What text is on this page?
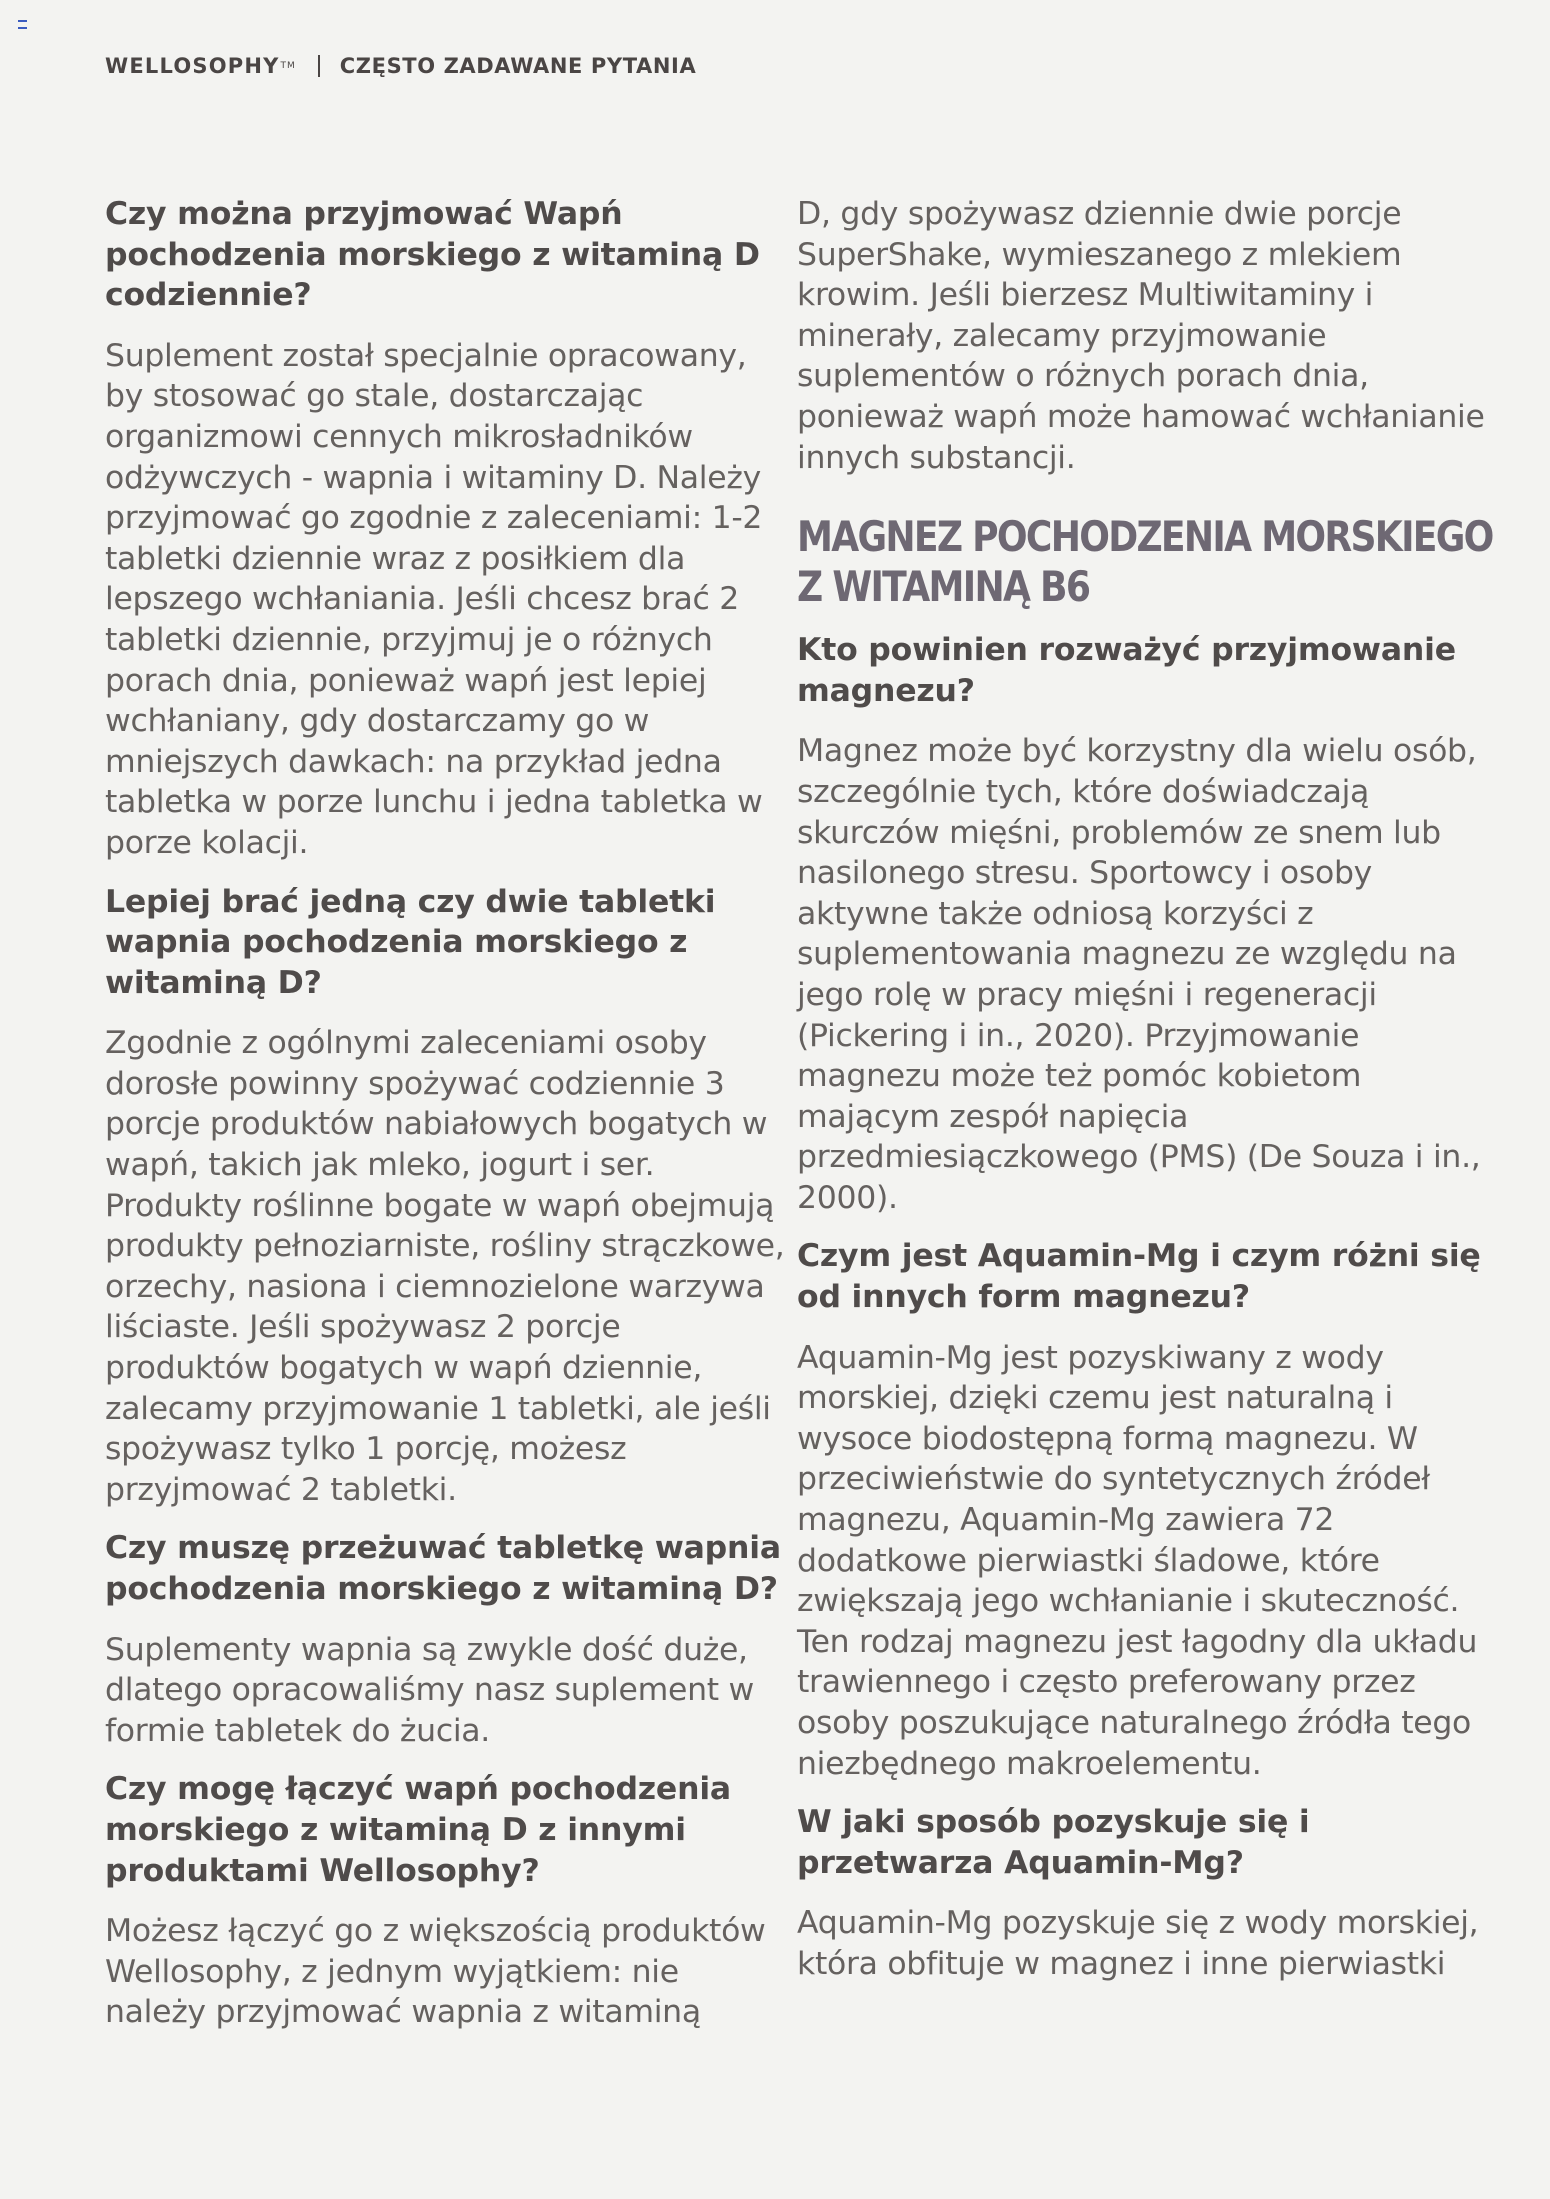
WELLOSOPHY TM CZĘSTO ZADAWANE PYTANIA
Czy można przyjmować Wapń pochodzenia morskiego z witaminą D codziennie?
Suplement został specjalnie opracowany, by stosować go stale, dostarczając organizmowi cennych mikrosładników odżywczych - wapnia i witaminy D. Należy przyjmować go zgodnie z zaleceniami: 1-2 tabletki dziennie wraz z posiłkiem dla lepszego wchłaniania. Jeśli chcesz brać 2 tabletki dziennie, przyjmuj je o różnych porach dnia, ponieważ wapń jest lepiej wchłaniany, gdy dostarczamy go w mniejszych dawkach: na przykład jedna tabletka w porze lunchu i jedna tabletka w porze kolacji.
Lepiej brać jedną czy dwie tabletki wapnia pochodzenia morskiego z witaminą D?
Zgodnie z ogólnymi zaleceniami osoby dorosłe powinny spożywać codziennie 3 porcje produktów nabiałowych bogatych w wapń, takich jak mleko, jogurt i ser. Produkty roślinne bogate w wapń obejmują produkty pełnoziarniste, rośliny strączkowe, orzechy, nasiona i ciemnozielone warzywa liściaste. Jeśli spożywasz 2 porcje produktów bogatych w wapń dziennie, zalecamy przyjmowanie 1 tabletki, ale jeśli spożywasz tylko 1 porcję, możesz przyjmować 2 tabletki.
Czy muszę przeżuwać tabletkę wapnia pochodzenia morskiego z witaminą D?
Suplementy wapnia są zwykle dość duże, dlatego opracowaliśmy nasz suplement w formie tabletek do żucia.
Czy mogę łączyć wapń pochodzenia morskiego z witaminą D z innymi produktami Wellosophy?
Możesz łączyć go z większością produktów Wellosophy, z jednym wyjątkiem: nie należy przyjmować wapnia z witaminą
D, gdy spożywasz dziennie dwie porcje SuperShake, wymieszanego z mlekiem krowim. Jeśli bierzesz Multiwitaminy i minerały, zalecamy przyjmowanie suplementów o różnych porach dnia, ponieważ wapń może hamować wchłanianie innych substancji.
MAGNEZ POCHODZENIA MORSKIEGO Z WITAMINĄ B6
Kto powinien rozważyć przyjmowanie magnezu?
Magnez może być korzystny dla wielu osób, szczególnie tych, które doświadczają skurczów mięśni, problemów ze snem lub nasilonego stresu. Sportowcy i osoby aktywne także odniosą korzyści z suplementowania magnezu ze względu na jego rolę w pracy mięśni i regeneracji (Pickering i in., 2020). Przyjmowanie magnezu może też pomóc kobietom mającym zespół napięcia przedmiesiączkowego (PMS) (De Souza i in., 2000).
Czym jest Aquamin-Mg i czym różni się od innych form magnezu?
Aquamin-Mg jest pozyskiwany z wody morskiej, dzięki czemu jest naturalną i wysoce biodostępną formą magnezu. W przeciwieństwie do syntetycznych źródeł magnezu, Aquamin-Mg zawiera 72 dodatkowe pierwiastki śladowe, które zwiększają jego wchłanianie i skuteczność. Ten rodzaj magnezu jest łagodny dla układu trawiennego i często preferowany przez osoby poszukujące naturalnego źródła tego niezbędnego makroelementu.
W jaki sposób pozyskuje się i przetwarza Aquamin-Mg?
Aquamin-Mg pozyskuje się z wody morskiej, która obfituje w magnez i inne pierwiastki
